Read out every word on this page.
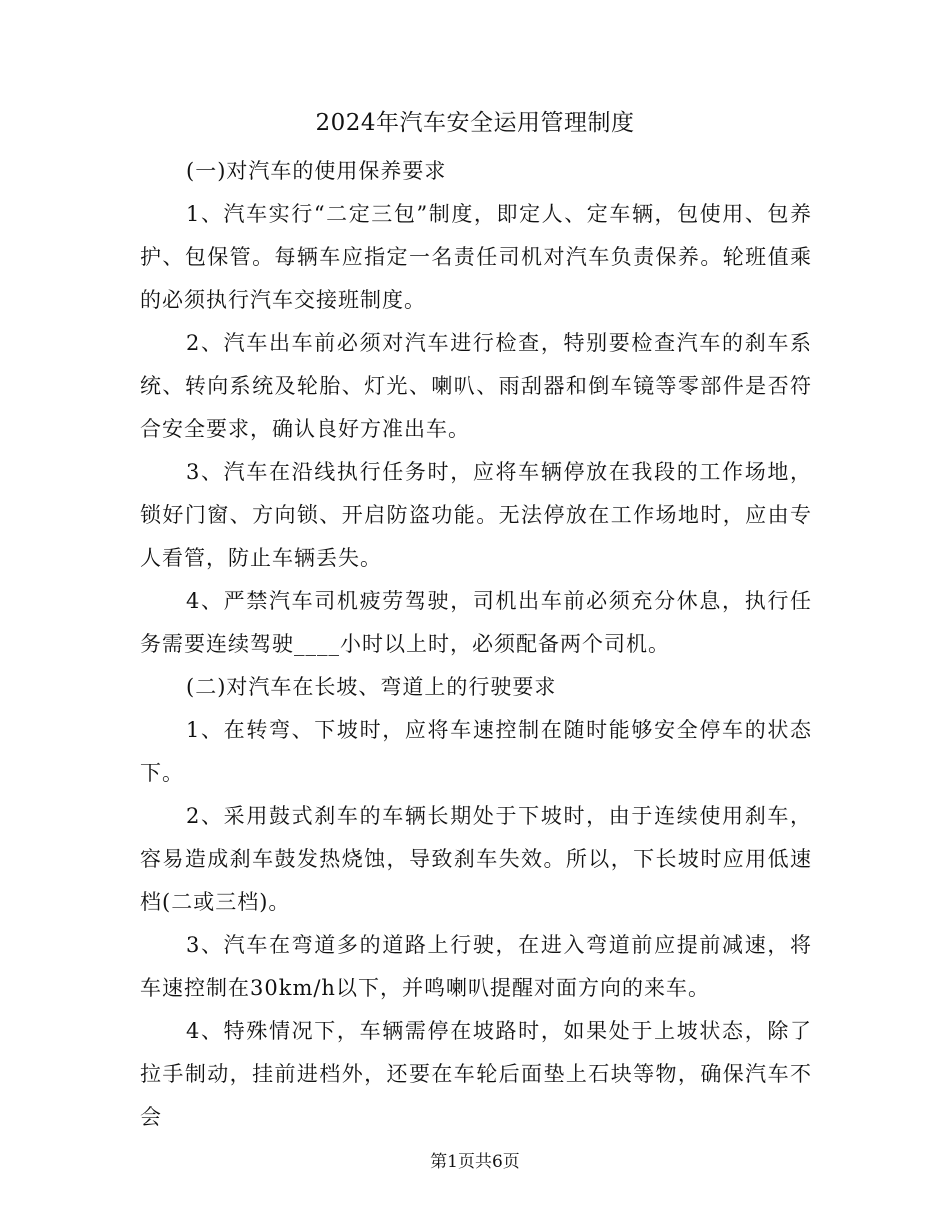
2024年汽车安全运用管理制度

(一)对汽车的使用保养要求

1、汽车实行“二定三包”制度，即定人、定车辆，包使用、包养护、包保管。每辆车应指定一名责任司机对汽车负责保养。轮班值乘的必须执行汽车交接班制度。

2、汽车出车前必须对汽车进行检查，特别要检查汽车的刹车系统、转向系统及轮胎、灯光、喇叭、雨刮器和倒车镜等零部件是否符合安全要求，确认良好方准出车。

3、汽车在沿线执行任务时，应将车辆停放在我段的工作场地，锁好门窗、方向锁、开启防盗功能。无法停放在工作场地时，应由专人看管，防止车辆丢失。

4、严禁汽车司机疲劳驾驶，司机出车前必须充分休息，执行任务需要连续驾驶____小时以上时，必须配备两个司机。

(二)对汽车在长坡、弯道上的行驶要求

1、在转弯、下坡时，应将车速控制在随时能够安全停车的状态下。

2、采用鼓式刹车的车辆长期处于下坡时，由于连续使用刹车，容易造成刹车鼓发热烧蚀，导致刹车失效。所以，下长坡时应用低速档(二或三档)。

3、汽车在弯道多的道路上行驶，在进入弯道前应提前减速，将车速控制在30km/h以下，并鸣喇叭提醒对面方向的来车。

4、特殊情况下，车辆需停在坡路时，如果处于上坡状态，除了拉手制动，挂前进档外，还要在车轮后面垫上石块等物，确保汽车不会

第1页共6页
